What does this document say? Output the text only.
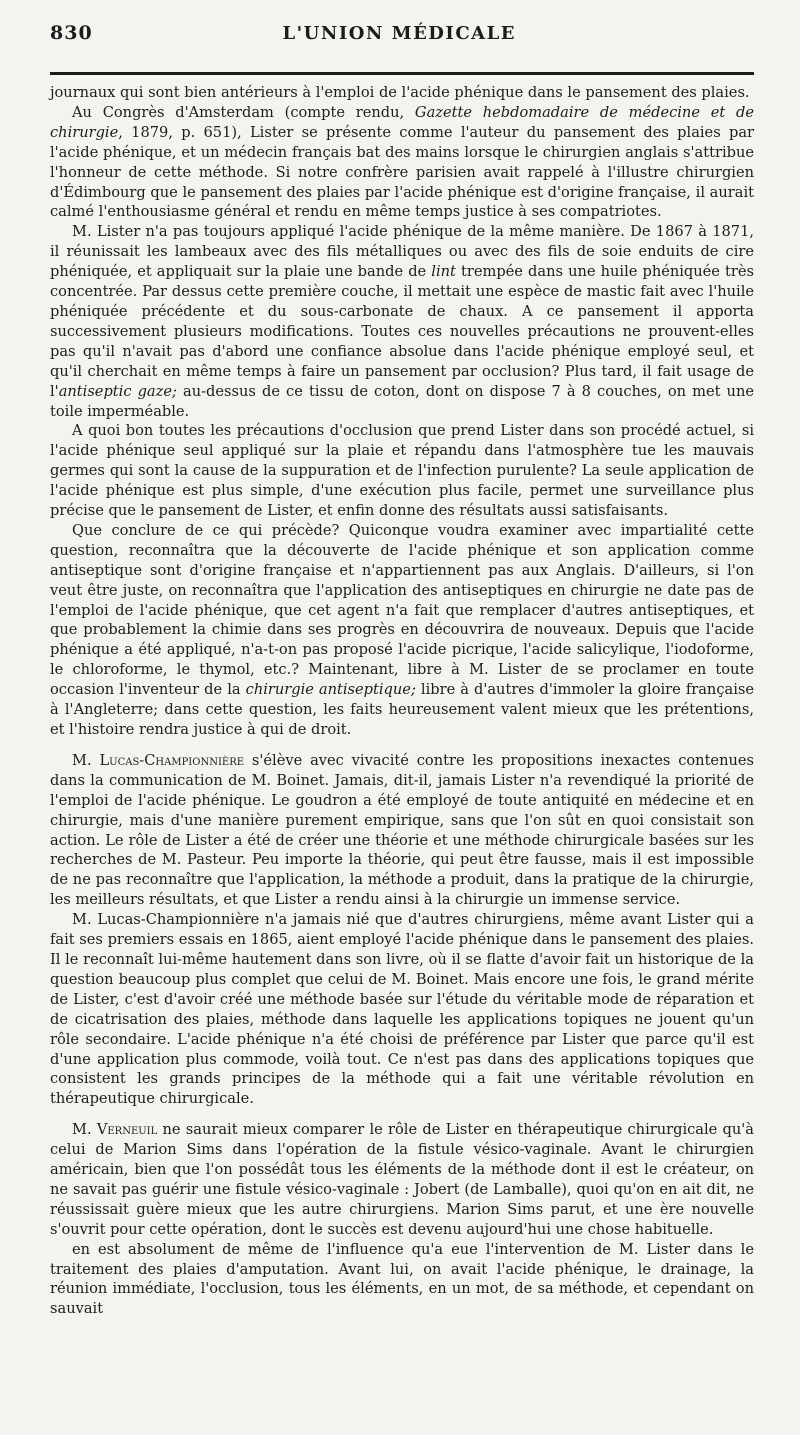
830	L'UNION MÉDICALE

journaux qui sont bien antérieurs à l'emploi de l'acide phénique dans le pansement des plaies.

Au Congrès d'Amsterdam (compte rendu, Gazette hebdomadaire de médecine et de chirurgie, 1879, p. 651), Lister se présente comme l'auteur du pansement des plaies par l'acide phénique, et un médecin français bat des mains lorsque le chirurgien anglais s'attribue l'honneur de cette méthode. Si notre confrère parisien avait rappelé à l'illustre chirurgien d'Édimbourg que le pansement des plaies par l'acide phénique est d'origine française, il aurait calmé l'enthousiasme général et rendu en même temps justice à ses compatriotes.

M. Lister n'a pas toujours appliqué l'acide phénique de la même manière. De 1867 à 1871, il réunissait les lambeaux avec des fils métalliques ou avec des fils de soie enduits de cire phéniquée, et appliquait sur la plaie une bande de lint trempée dans une huile phéniquée très concentrée. Par dessus cette première couche, il mettait une espèce de mastic fait avec l'huile phéniquée précédente et du sous-carbonate de chaux. A ce pansement il apporta successivement plusieurs modifications. Toutes ces nouvelles précautions ne prouvent-elles pas qu'il n'avait pas d'abord une confiance absolue dans l'acide phénique employé seul, et qu'il cherchait en même temps à faire un pansement par occlusion? Plus tard, il fait usage de l'antiseptic gaze; au-dessus de ce tissu de coton, dont on dispose 7 à 8 couches, on met une toile imperméable.

A quoi bon toutes les précautions d'occlusion que prend Lister dans son procédé actuel, si l'acide phénique seul appliqué sur la plaie et répandu dans l'atmosphère tue les mauvais germes qui sont la cause de la suppuration et de l'infection purulente? La seule application de l'acide phénique est plus simple, d'une exécution plus facile, permet une surveillance plus précise que le pansement de Lister, et enfin donne des résultats aussi satisfaisants.

Que conclure de ce qui précède? Quiconque voudra examiner avec impartialité cette question, reconnaîtra que la découverte de l'acide phénique et son application comme antiseptique sont d'origine française et n'appartiennent pas aux Anglais. D'ailleurs, si l'on veut être juste, on reconnaîtra que l'application des antiseptiques en chirurgie ne date pas de l'emploi de l'acide phénique, que cet agent n'a fait que remplacer d'autres antiseptiques, et que probablement la chimie dans ses progrès en découvrira de nouveaux. Depuis que l'acide phénique a été appliqué, n'a-t-on pas proposé l'acide picrique, l'acide salicylique, l'iodoforme, le chloroforme, le thymol, etc.? Maintenant, libre à M. Lister de se proclamer en toute occasion l'inventeur de la chirurgie antiseptique; libre à d'autres d'immoler la gloire française à l'Angleterre; dans cette question, les faits heureusement valent mieux que les prétentions, et l'histoire rendra justice à qui de droit.

M. Lucas-Championnière s'élève avec vivacité contre les propositions inexactes contenues dans la communication de M. Boinet. Jamais, dit-il, jamais Lister n'a revendiqué la priorité de l'emploi de l'acide phénique. Le goudron a été employé de toute antiquité en médecine et en chirurgie, mais d'une manière purement empirique, sans que l'on sût en quoi consistait son action. Le rôle de Lister a été de créer une théorie et une méthode chirurgicale basées sur les recherches de M. Pasteur. Peu importe la théorie, qui peut être fausse, mais il est impossible de ne pas reconnaître que l'application, la méthode a produit, dans la pratique de la chirurgie, les meilleurs résultats, et que Lister a rendu ainsi à la chirurgie un immense service.

M. Lucas-Championnière n'a jamais nié que d'autres chirurgiens, même avant Lister qui a fait ses premiers essais en 1865, aient employé l'acide phénique dans le pansement des plaies. Il le reconnaît lui-même hautement dans son livre, où il se flatte d'avoir fait un historique de la question beaucoup plus complet que celui de M. Boinet. Mais encore une fois, le grand mérite de Lister, c'est d'avoir créé une méthode basée sur l'étude du véritable mode de réparation et de cicatrisation des plaies, méthode dans laquelle les applications topiques ne jouent qu'un rôle secondaire. L'acide phénique n'a été choisi de préférence par Lister que parce qu'il est d'une application plus commode, voilà tout. Ce n'est pas dans des applications topiques que consistent les grands principes de la méthode qui a fait une véritable révolution en thérapeutique chirurgicale.

M. Verneuil ne saurait mieux comparer le rôle de Lister en thérapeutique chirurgicale qu'à celui de Marion Sims dans l'opération de la fistule vésico-vaginale. Avant le chirurgien américain, bien que l'on possédât tous les éléments de la méthode dont il est le créateur, on ne savait pas guérir une fistule vésico-vaginale : Jobert (de Lamballe), quoi qu'on en ait dit, ne réussissait guère mieux que les autre chirurgiens. Marion Sims parut, et une ère nouvelle s'ouvrit pour cette opération, dont le succès est devenu aujourd'hui une chose habituelle.

en est absolument de même de l'influence qu'a eue l'intervention de M. Lister dans le traitement des plaies d'amputation. Avant lui, on avait l'acide phénique, le drainage, la réunion immédiate, l'occlusion, tous les éléments, en un mot, de sa méthode, et cependant on sauvait
